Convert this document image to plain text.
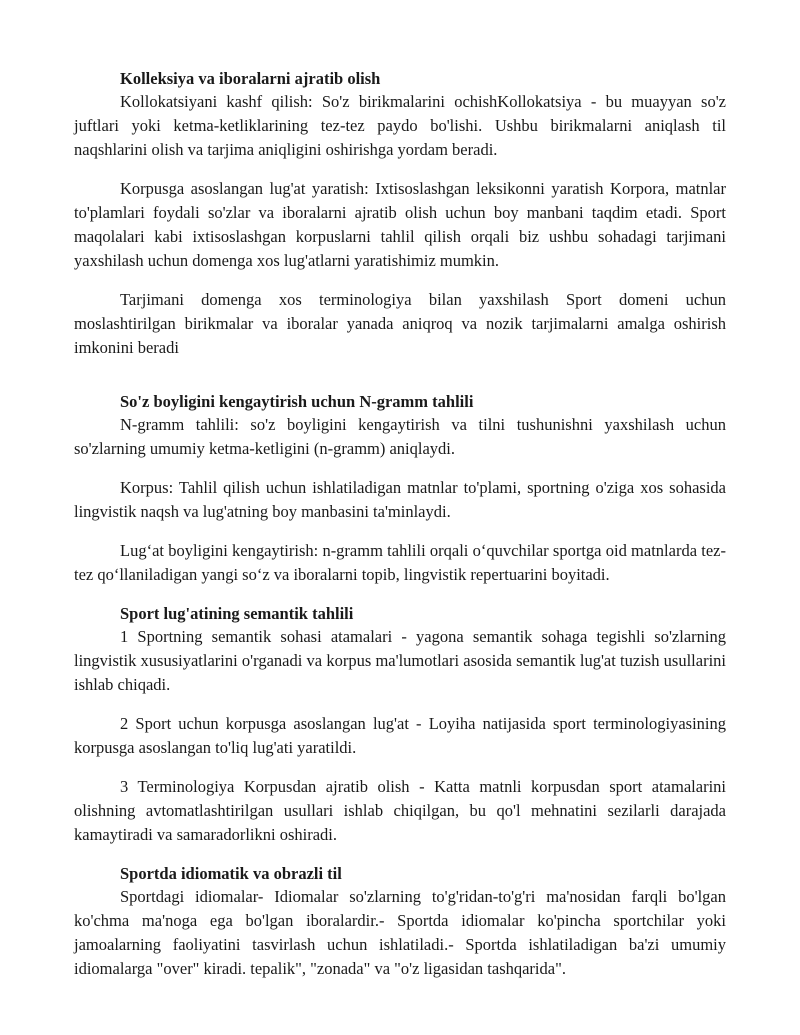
Kolleksiya va iboralarni ajratib olish

Kollokatsiyani kashf qilish: So'z birikmalarini ochishKollokatsiya - bu muayyan so'z juftlari yoki ketma-ketliklarining tez-tez paydo bo'lishi. Ushbu birikmalarni aniqlash til naqshlarini olish va tarjima aniqligini oshirishga yordam beradi.

Korpusga asoslangan lug'at yaratish: Ixtisoslashgan leksikonni yaratish Korpora, matnlar to'plamlari foydali so'zlar va iboralarni ajratib olish uchun boy manbani taqdim etadi. Sport maqolalari kabi ixtisoslashgan korpuslarni tahlil qilish orqali biz ushbu sohadagi tarjimani yaxshilash uchun domenga xos lug'atlarni yaratishimiz mumkin.

Tarjimani domenga xos terminologiya bilan yaxshilash Sport domeni uchun moslashtirilgan birikmalar va iboralar yanada aniqroq va nozik tarjimalarni amalga oshirish imkonini beradi

So'z boyligini kengaytirish uchun N-gramm tahlili

N-gramm tahlili: so'z boyligini kengaytirish va tilni tushunishni yaxshilash uchun so'zlarning umumiy ketma-ketligini (n-gramm) aniqlaydi.

Korpus: Tahlil qilish uchun ishlatiladigan matnlar to'plami, sportning o'ziga xos sohasida lingvistik naqsh va lug'atning boy manbasini ta'minlaydi.

Lug‘at boyligini kengaytirish: n-gramm tahlili orqali o‘quvchilar sportga oid matnlarda tez-tez qo‘llaniladigan yangi so‘z va iboralarni topib, lingvistik repertuarini boyitadi.

Sport lug'atining semantik tahlili

1 Sportning semantik sohasi atamalari - yagona semantik sohaga tegishli so'zlarning lingvistik xususiyatlarini o'rganadi va korpus ma'lumotlari asosida semantik lug'at tuzish usullarini ishlab chiqadi.

2 Sport uchun korpusga asoslangan lug'at - Loyiha natijasida sport terminologiyasining korpusga asoslangan to'liq lug'ati yaratildi.

3 Terminologiya Korpusdan ajratib olish - Katta matnli korpusdan sport atamalarini olishning avtomatlashtirilgan usullari ishlab chiqilgan, bu qo'l mehnatini sezilarli darajada kamaytiradi va samaradorlikni oshiradi.

Sportda idiomatik va obrazli til

Sportdagi idiomalar- Idiomalar so'zlarning to'g'ridan-to'g'ri ma'nosidan farqli bo'lgan ko'chma ma'noga ega bo'lgan iboralardir.- Sportda idiomalar ko'pincha sportchilar yoki jamoalarning faoliyatini tasvirlash uchun ishlatiladi.- Sportda ishlatiladigan ba'zi umumiy idiomalarga "over" kiradi. tepalik", "zonada" va "o'z ligasidan tashqarida".
